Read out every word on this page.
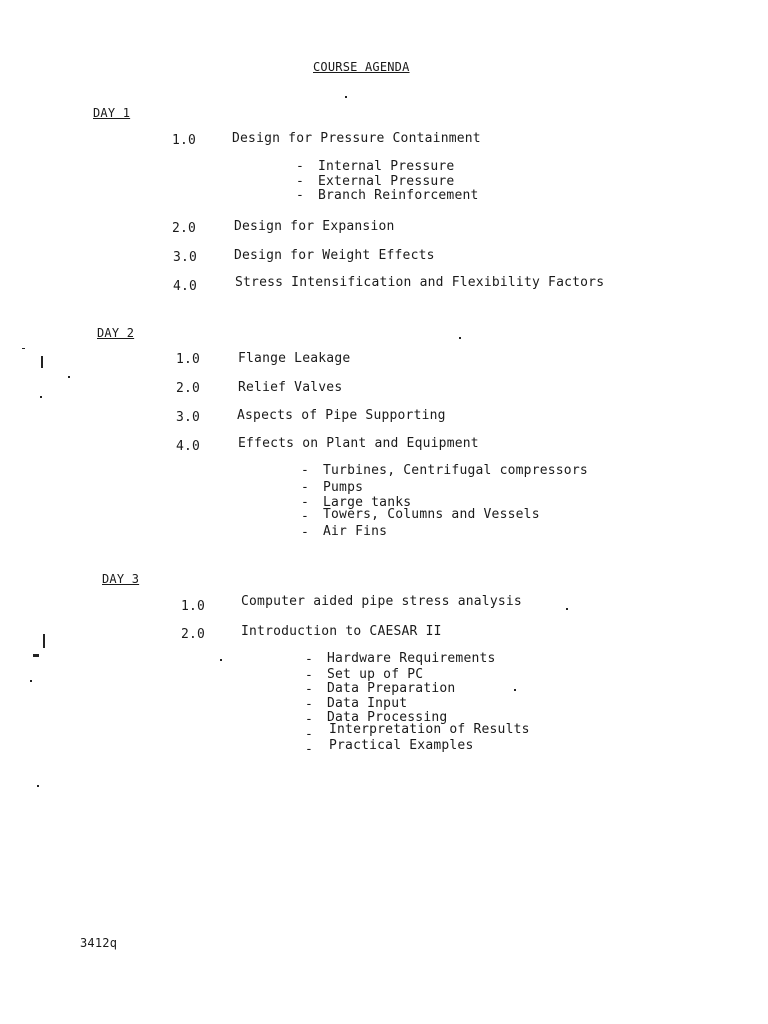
COURSE AGENDA
DAY 1
1.0	Design for Pressure Containment
- Internal Pressure
- External Pressure
- Branch Reinforcement
2.0	Design for Expansion
3.0	Design for Weight Effects
4.0	Stress Intensification and Flexibility Factors
DAY 2
1.0	Flange Leakage
2.0	Relief Valves
3.0	Aspects of Pipe Supporting
4.0	Effects on Plant and Equipment
- Turbines, Centrifugal compressors
- Pumps
- Large tanks
- Towers, Columns and Vessels
- Air Fins
DAY 3
1.0	Computer aided pipe stress analysis
2.0	Introduction to CAESAR II
- Hardware Requirements
- Set up of PC
- Data Preparation
- Data Input
- Data Processing
- Interpretation of Results
- Practical Examples
3412q
